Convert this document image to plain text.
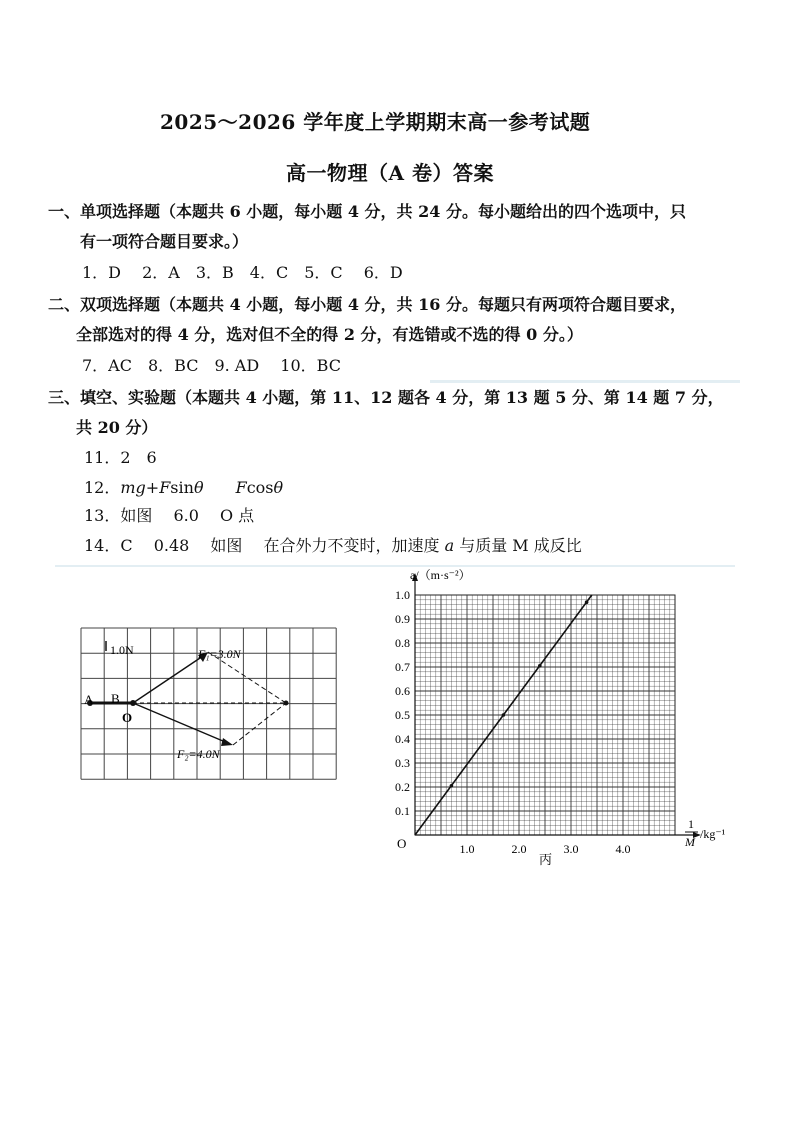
2025～2026 学年度上学期期末高一参考试题
高一物理（A 卷）答案
一、单项选择题（本题共 6 小题，每小题 4 分，共 24 分。每小题给出的四个选项中，只
有一项符合题目要求。）
1．D　 2．A　3．B　4．C　5．C　 6．D
二、双项选择题（本题共 4 小题，每小题 4 分，共 16 分。每题只有两项符合题目要求，
全部选对的得 4 分，选对但不全的得 2 分，有选错或不选的得 0 分。）
7．AC　8．BC　9. AD　 10．BC
三、填空、实验题（本题共 4 小题，第 11、12 题各 4 分，第 13 题 5 分、第 14 题 7 分，
共 20 分）
11．2　6
12．mg+Fsinθ　　 Fcosθ
13．如图　 6.0　 O 点
14．C　 0.48　 如图　 在合外力不变时，加速度 a 与质量 M 成反比
1.0N
A B
O
F₁=3.0N
F₂=4.0N
0.1
0.2
0.3
0.4
0.5
0.6
0.7
0.8
0.9
1.0
1.0	2.0	3.0	4.0
a/（m·s⁻²）
1
M
/kg⁻¹
O
丙
